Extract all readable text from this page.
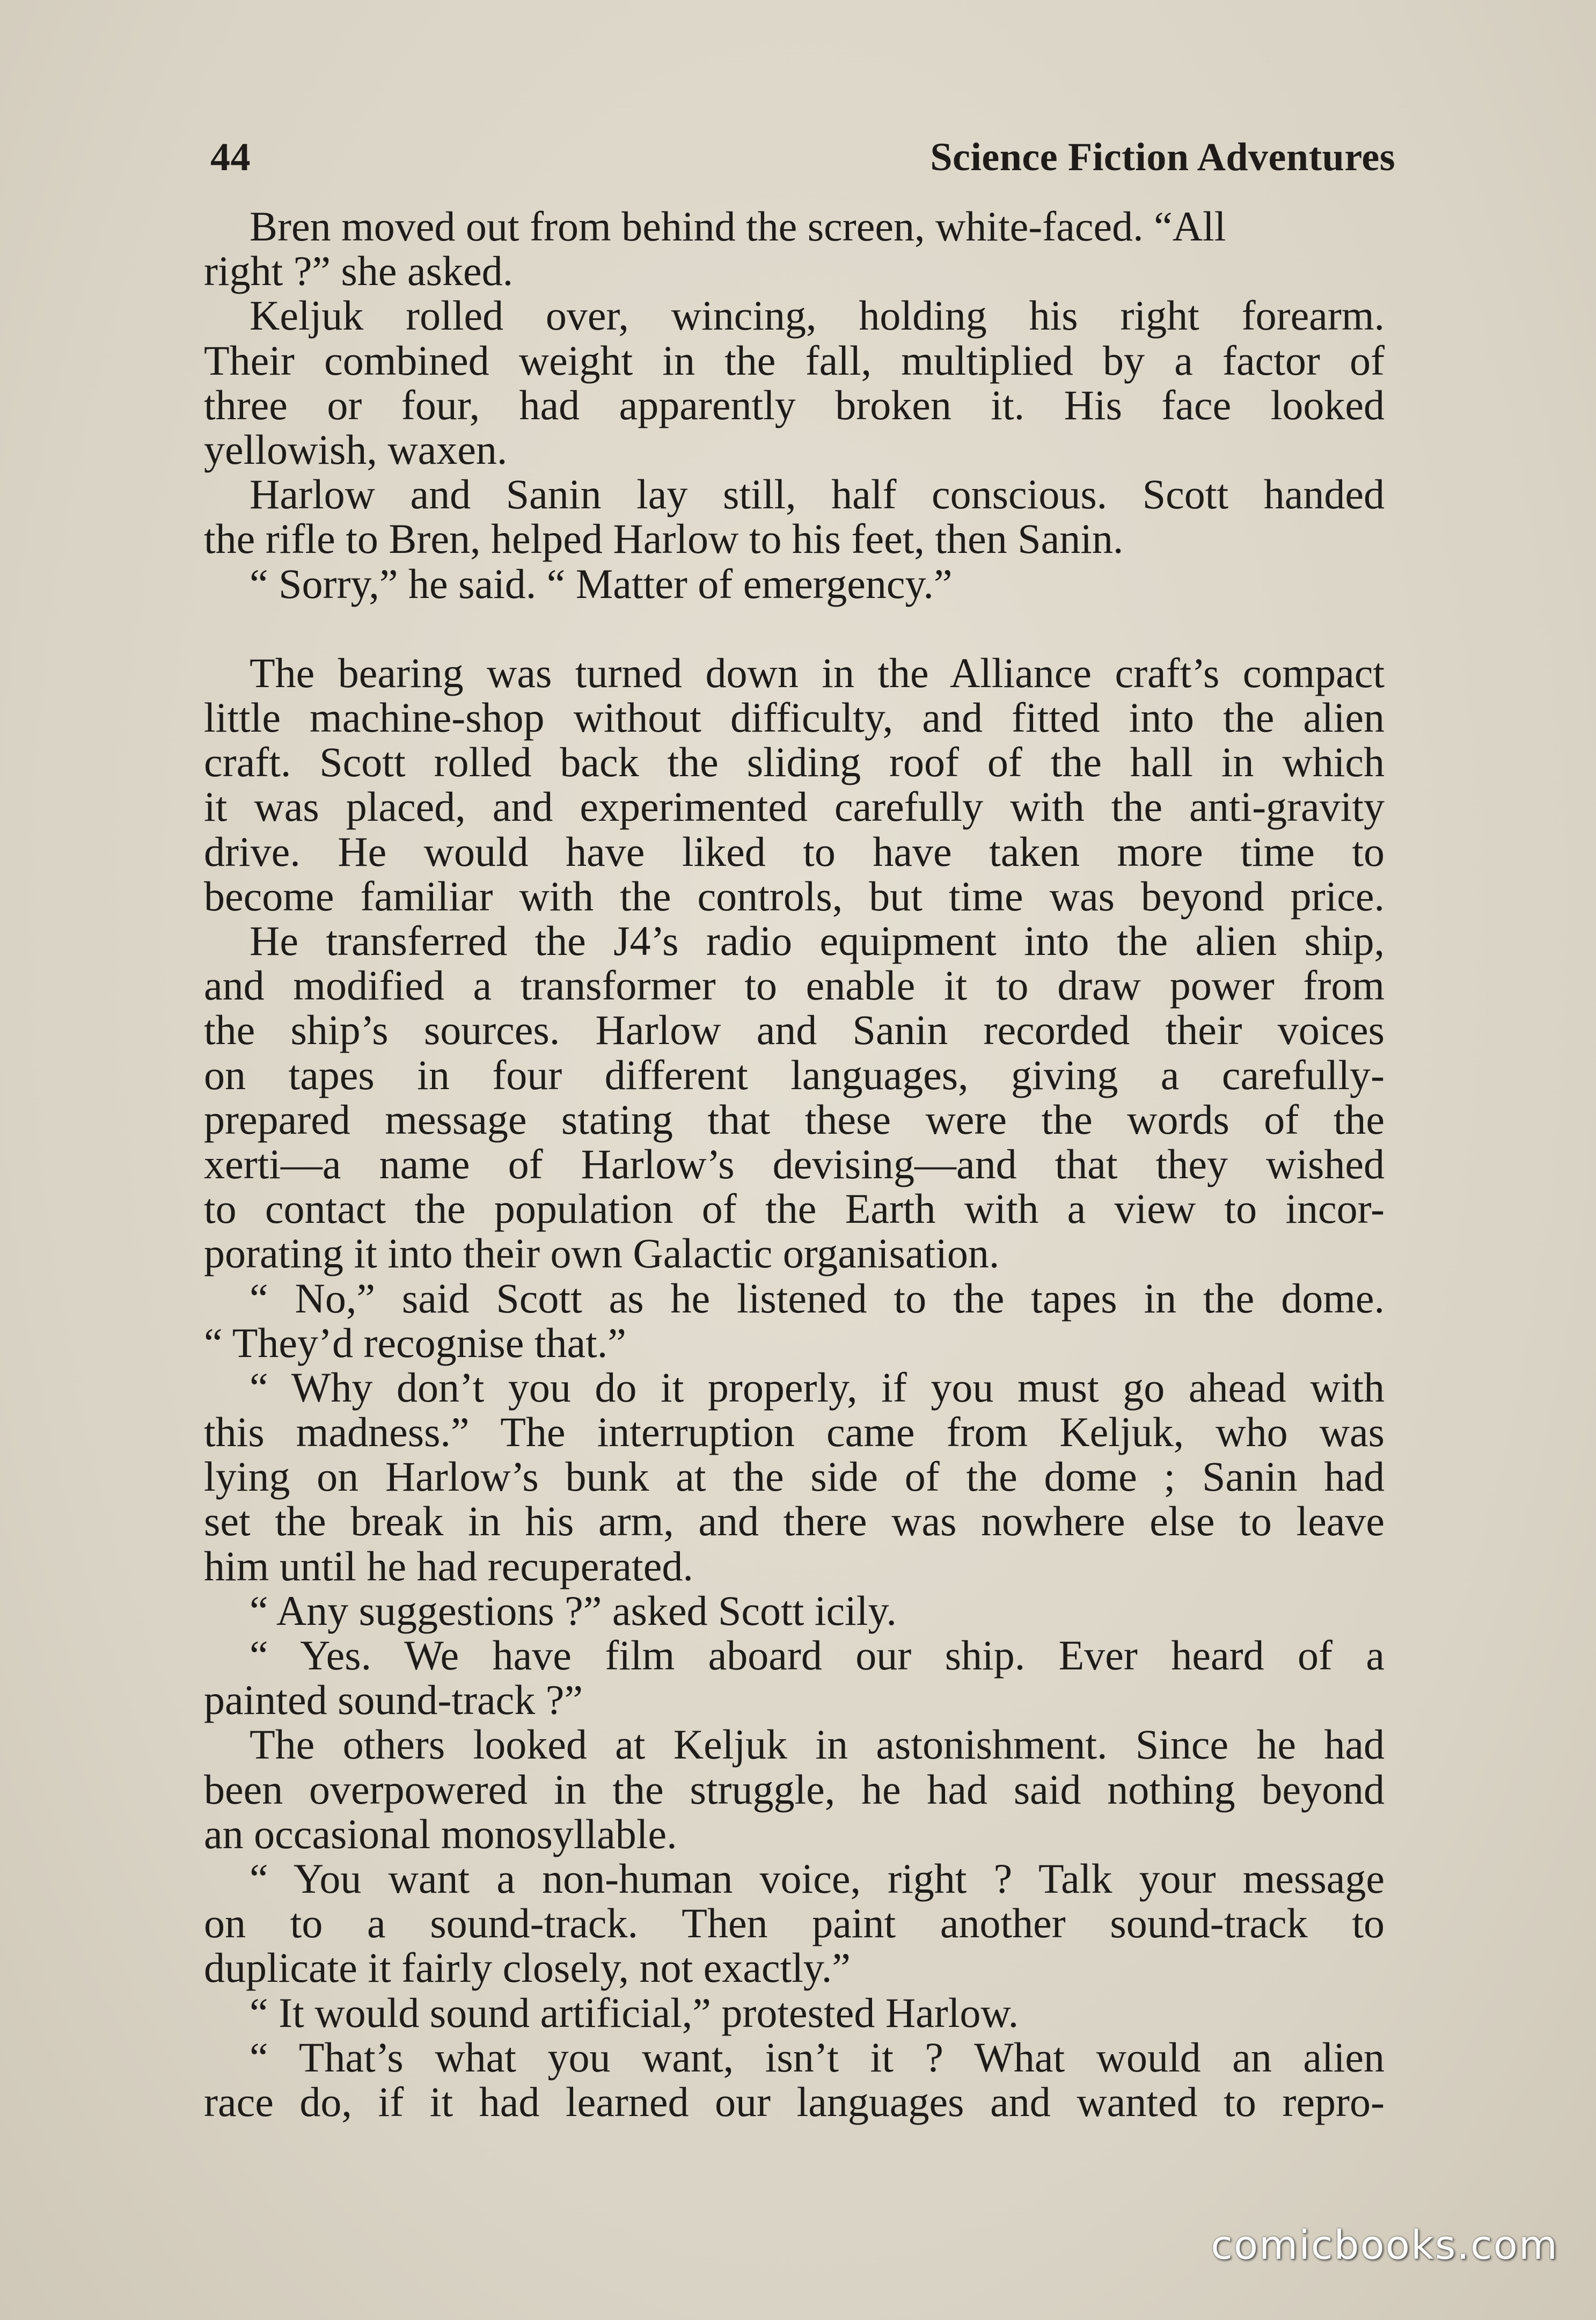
44	Science Fiction Adventures
Bren moved out from behind the screen, white-faced. “All
right ?” she asked.
Keljuk rolled over, wincing, holding his right forearm.
Their combined weight in the fall, multiplied by a factor of
three or four, had apparently broken it. His face looked
yellowish, waxen.
Harlow and Sanin lay still, half conscious. Scott handed
the rifle to Bren, helped Harlow to his feet, then Sanin.
“ Sorry,” he said. “ Matter of emergency.”
The bearing was turned down in the Alliance craft’s compact
little machine-shop without difficulty, and fitted into the alien
craft. Scott rolled back the sliding roof of the hall in which
it was placed, and experimented carefully with the anti-gravity
drive. He would have liked to have taken more time to
become familiar with the controls, but time was beyond price.
He transferred the J4’s radio equipment into the alien ship,
and modified a transformer to enable it to draw power from
the ship’s sources. Harlow and Sanin recorded their voices
on tapes in four different languages, giving a carefully-
prepared message stating that these were the words of the
xerti—a name of Harlow’s devising—and that they wished
to contact the population of the Earth with a view to incor-
porating it into their own Galactic organisation.
“ No,” said Scott as he listened to the tapes in the dome.
“ They’d recognise that.”
“ Why don’t you do it properly, if you must go ahead with
this madness.” The interruption came from Keljuk, who was
lying on Harlow’s bunk at the side of the dome ; Sanin had
set the break in his arm, and there was nowhere else to leave
him until he had recuperated.
“ Any suggestions ?” asked Scott icily.
“ Yes. We have film aboard our ship. Ever heard of a
painted sound-track ?”
The others looked at Keljuk in astonishment. Since he had
been overpowered in the struggle, he had said nothing beyond
an occasional monosyllable.
“ You want a non-human voice, right ? Talk your message
on to a sound-track. Then paint another sound-track to
duplicate it fairly closely, not exactly.”
“ It would sound artificial,” protested Harlow.
“ That’s what you want, isn’t it ? What would an alien
race do, if it had learned our languages and wanted to repro-
comicbooks.com
